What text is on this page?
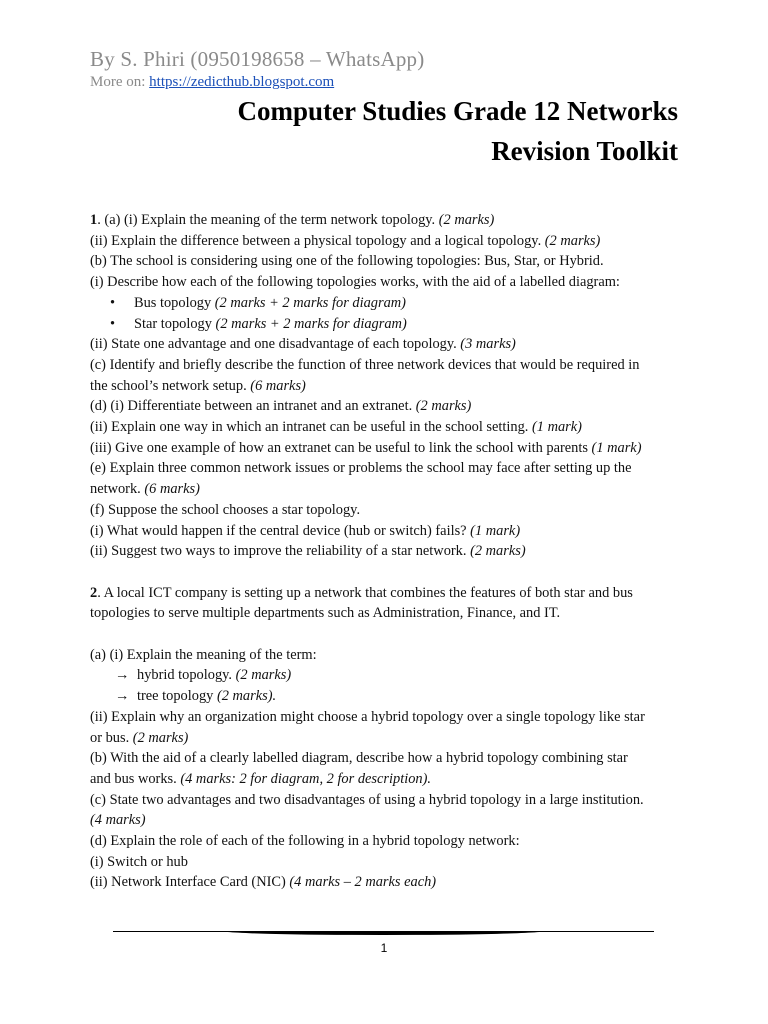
By S. Phiri (0950198658 – WhatsApp)
More on: https://zedicthub.blogspot.com
Computer Studies Grade 12 Networks
Revision Toolkit
1. (a) (i) Explain the meaning of the term network topology. (2 marks)
(ii) Explain the difference between a physical topology and a logical topology. (2 marks)
(b) The school is considering using one of the following topologies: Bus, Star, or Hybrid.
(i) Describe how each of the following topologies works, with the aid of a labelled diagram:
• Bus topology (2 marks + 2 marks for diagram)
• Star topology (2 marks + 2 marks for diagram)
(ii) State one advantage and one disadvantage of each topology. (3 marks)
(c) Identify and briefly describe the function of three network devices that would be required in
the school’s network setup. (6 marks)
(d) (i) Differentiate between an intranet and an extranet. (2 marks)
(ii) Explain one way in which an intranet can be useful in the school setting. (1 mark)
(iii) Give one example of how an extranet can be useful to link the school with parents (1 mark)
(e) Explain three common network issues or problems the school may face after setting up the
network. (6 marks)
(f) Suppose the school chooses a star topology.
(i) What would happen if the central device (hub or switch) fails? (1 mark)
(ii) Suggest two ways to improve the reliability of a star network. (2 marks)
2. A local ICT company is setting up a network that combines the features of both star and bus
topologies to serve multiple departments such as Administration, Finance, and IT.
(a) (i) Explain the meaning of the term:
→ hybrid topology. (2 marks)
→ tree topology (2 marks).
(ii) Explain why an organization might choose a hybrid topology over a single topology like star
or bus. (2 marks)
(b) With the aid of a clearly labelled diagram, describe how a hybrid topology combining star
and bus works. (4 marks: 2 for diagram, 2 for description).
(c) State two advantages and two disadvantages of using a hybrid topology in a large institution.
(4 marks)
(d) Explain the role of each of the following in a hybrid topology network:
(i) Switch or hub
(ii) Network Interface Card (NIC) (4 marks – 2 marks each)
1
